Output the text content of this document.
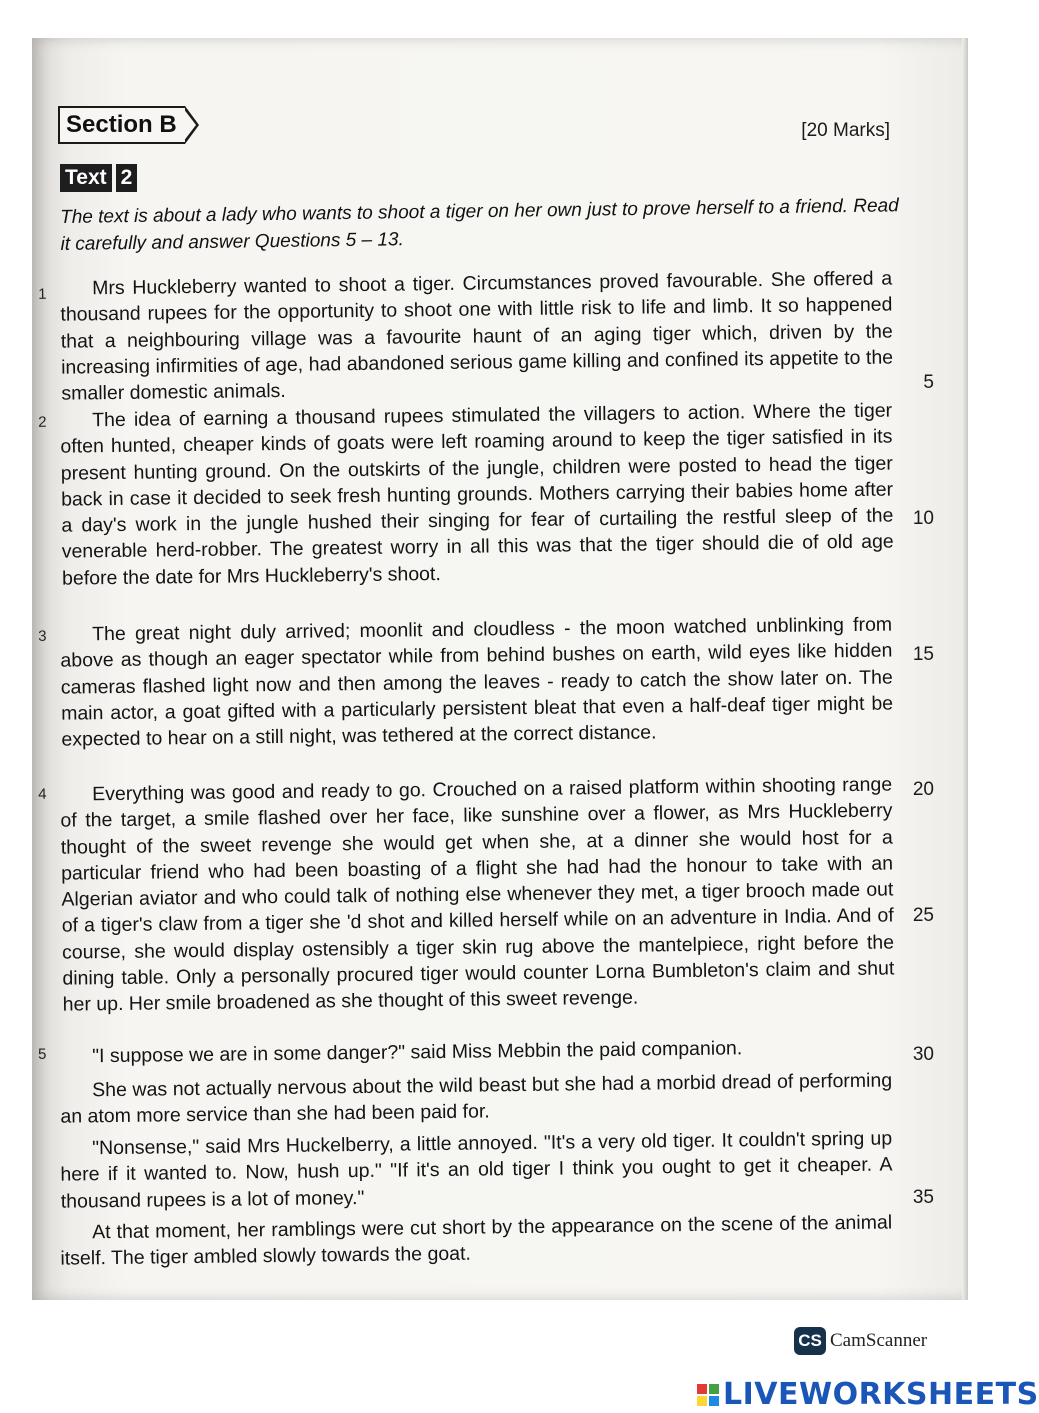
Section B	[20 Marks]
Text 2
The text is about a lady who wants to shoot a tiger on her own just to prove herself to a friend. Read it carefully and answer Questions 5 – 13.
1	Mrs Huckleberry wanted to shoot a tiger. Circumstances proved favourable. She offered a thousand rupees for the opportunity to shoot one with little risk to life and limb. It so happened that a neighbouring village was a favourite haunt of an aging tiger which, driven by the increasing infirmities of age, had abandoned serious game killing and confined its appetite to the smaller domestic animals.
2	The idea of earning a thousand rupees stimulated the villagers to action. Where the tiger often hunted, cheaper kinds of goats were left roaming around to keep the tiger satisfied in its present hunting ground. On the outskirts of the jungle, children were posted to head the tiger back in case it decided to seek fresh hunting grounds. Mothers carrying their babies home after a day's work in the jungle hushed their singing for fear of curtailing the restful sleep of the venerable herd-robber. The greatest worry in all this was that the tiger should die of old age before the date for Mrs Huckleberry's shoot.
3	The great night duly arrived; moonlit and cloudless - the moon watched unblinking from above as though an eager spectator while from behind bushes on earth, wild eyes like hidden cameras flashed light now and then among the leaves - ready to catch the show later on. The main actor, a goat gifted with a particularly persistent bleat that even a half-deaf tiger might be expected to hear on a still night, was tethered at the correct distance.
4	Everything was good and ready to go. Crouched on a raised platform within shooting range of the target, a smile flashed over her face, like sunshine over a flower, as Mrs Huckleberry thought of the sweet revenge she would get when she, at a dinner she would host for a particular friend who had been boasting of a flight she had had the honour to take with an Algerian aviator and who could talk of nothing else whenever they met, a tiger brooch made out of a tiger's claw from a tiger she 'd shot and killed herself while on an adventure in India. And of course, she would display ostensibly a tiger skin rug above the mantelpiece, right before the dining table. Only a personally procured tiger would counter Lorna Bumbleton's claim and shut her up. Her smile broadened as she thought of this sweet revenge.
5	"I suppose we are in some danger?" said Miss Mebbin the paid companion.
She was not actually nervous about the wild beast but she had a morbid dread of performing an atom more service than she had been paid for.
"Nonsense," said Mrs Huckelberry, a little annoyed. "It's a very old tiger. It couldn't spring up here if it wanted to. Now, hush up." "If it's an old tiger I think you ought to get it cheaper. A thousand rupees is a lot of money."
At that moment, her ramblings were cut short by the appearance on the scene of the animal itself. The tiger ambled slowly towards the goat.
5
10
15
20
25
30
35
CS CamScanner
LIVEWORKSHEETS
